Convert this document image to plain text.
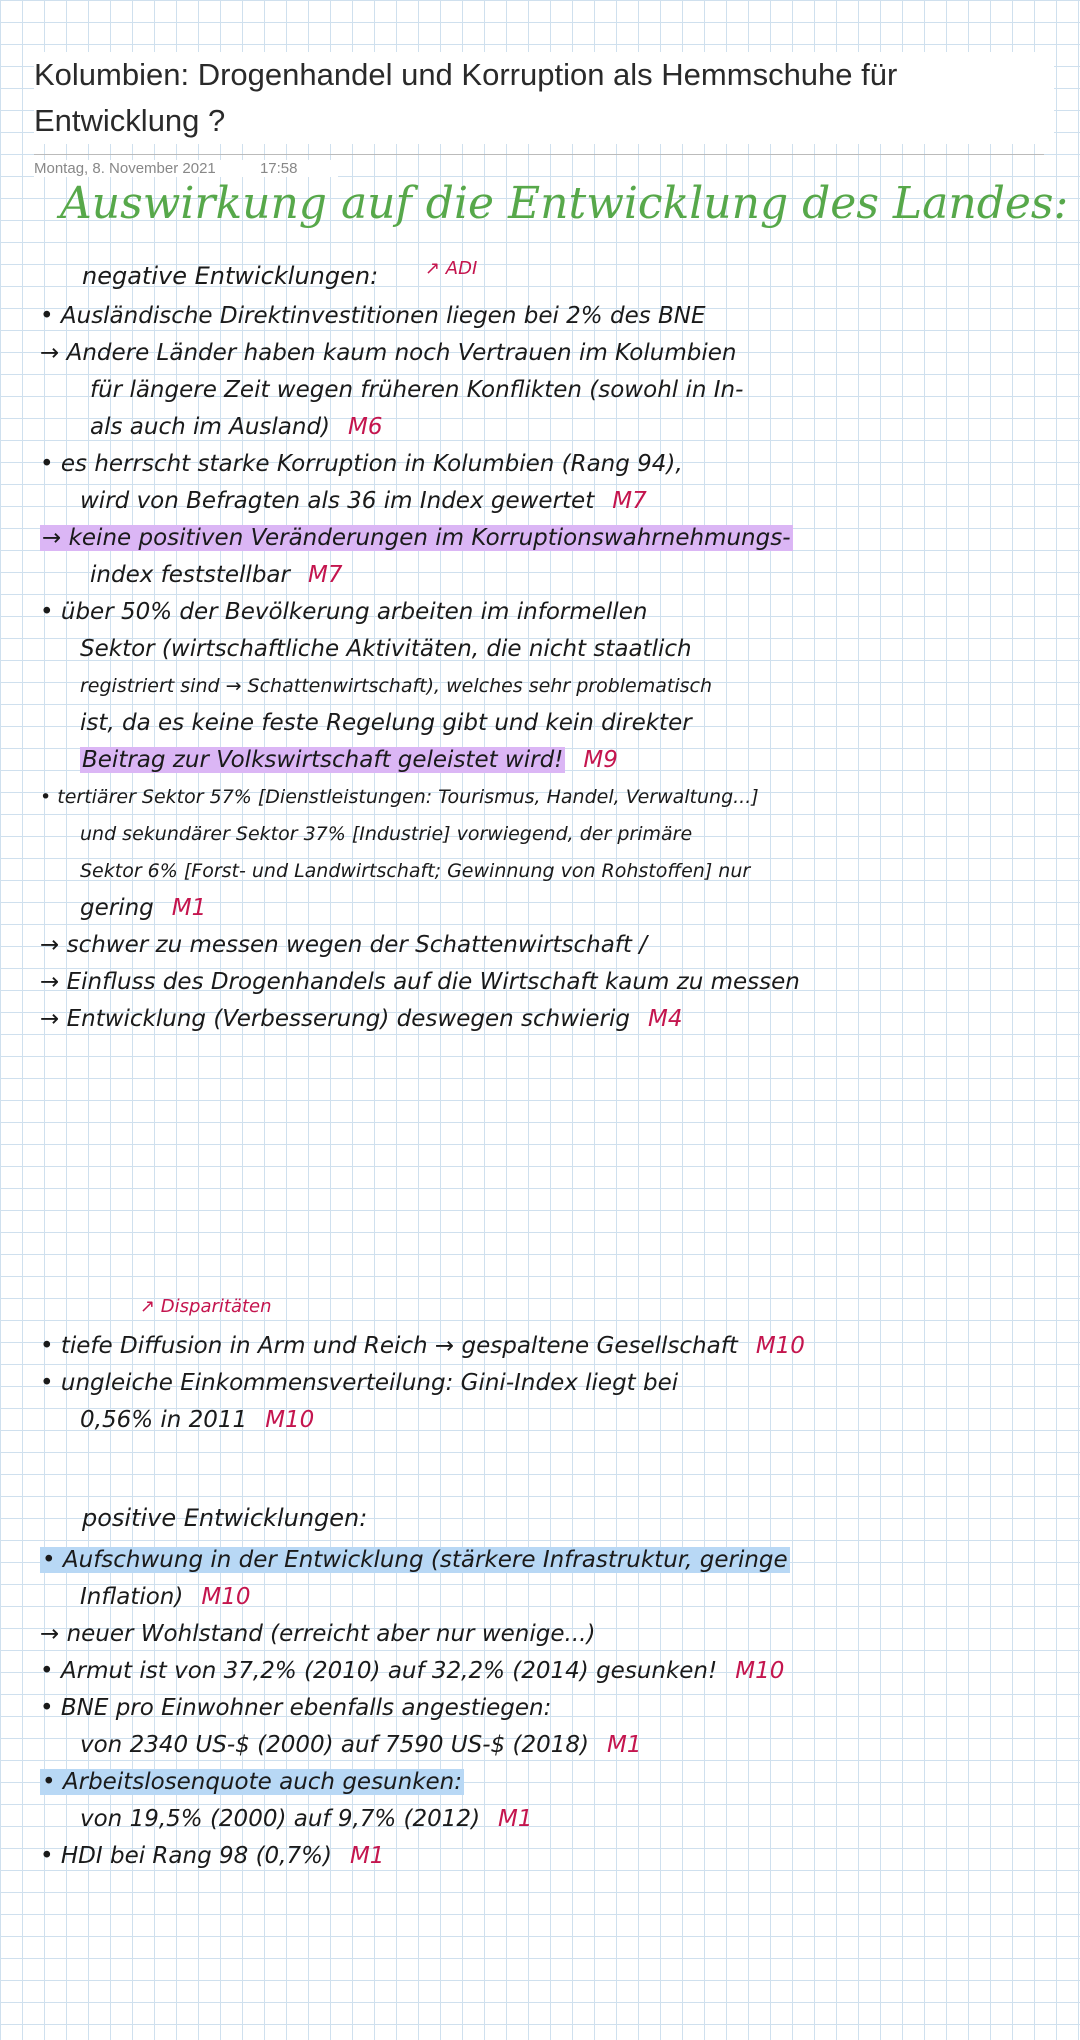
Kolumbien: Drogenhandel und Korruption als Hemmschuhe für Entwicklung ?
Montag, 8. November 2021	17:58
Auswirkung auf die Entwicklung des Landes:
negative Entwicklungen:	↗ ADI
• Ausländische Direktinvestitionen liegen bei 2% des BNE
→ Andere Länder haben kaum noch Vertrauen im Kolumbien
für längere Zeit wegen früheren Konflikten (sowohl in In-
als auch im Ausland) M6
• es herrscht starke Korruption in Kolumbien (Rang 94),
wird von Befragten als 36 im Index gewertet M7
→ keine positiven Veränderungen im Korruptionswahrnehmungs-
index feststellbar M7
• über 50% der Bevölkerung arbeiten im informellen
Sektor (wirtschaftliche Aktivitäten, die nicht staatlich
registriert sind → Schattenwirtschaft), welches sehr problematisch
ist, da es keine feste Regelung gibt und kein direkter
Beitrag zur Volkswirtschaft geleistet wird! M9
• tertiärer Sektor 57% [Dienstleistungen: Tourismus, Handel, Verwaltung...]
und sekundärer Sektor 37% [Industrie] vorwiegend, der primäre
Sektor 6% [Forst- und Landwirtschaft; Gewinnung von Rohstoffen] nur
gering M1
→ schwer zu messen wegen der Schattenwirtschaft /
→ Einfluss des Drogenhandels auf die Wirtschaft kaum zu messen
→ Entwicklung (Verbesserung) deswegen schwierig M4
↗ Disparitäten
• tiefe Diffusion in Arm und Reich → gespaltene Gesellschaft M10
• ungleiche Einkommensverteilung: Gini-Index liegt bei
0,56% in 2011 M10
positive Entwicklungen:
• Aufschwung in der Entwicklung (stärkere Infrastruktur, geringe
Inflation) M10
→ neuer Wohlstand (erreicht aber nur wenige...)
• Armut ist von 37,2% (2010) auf 32,2% (2014) gesunken! M10
• BNE pro Einwohner ebenfalls angestiegen:
von 2340 US-$ (2000) auf 7590 US-$ (2018) M1
• Arbeitslosenquote auch gesunken:
von 19,5% (2000) auf 9,7% (2012) M1
• HDI bei Rang 98 (0,7%) M1
